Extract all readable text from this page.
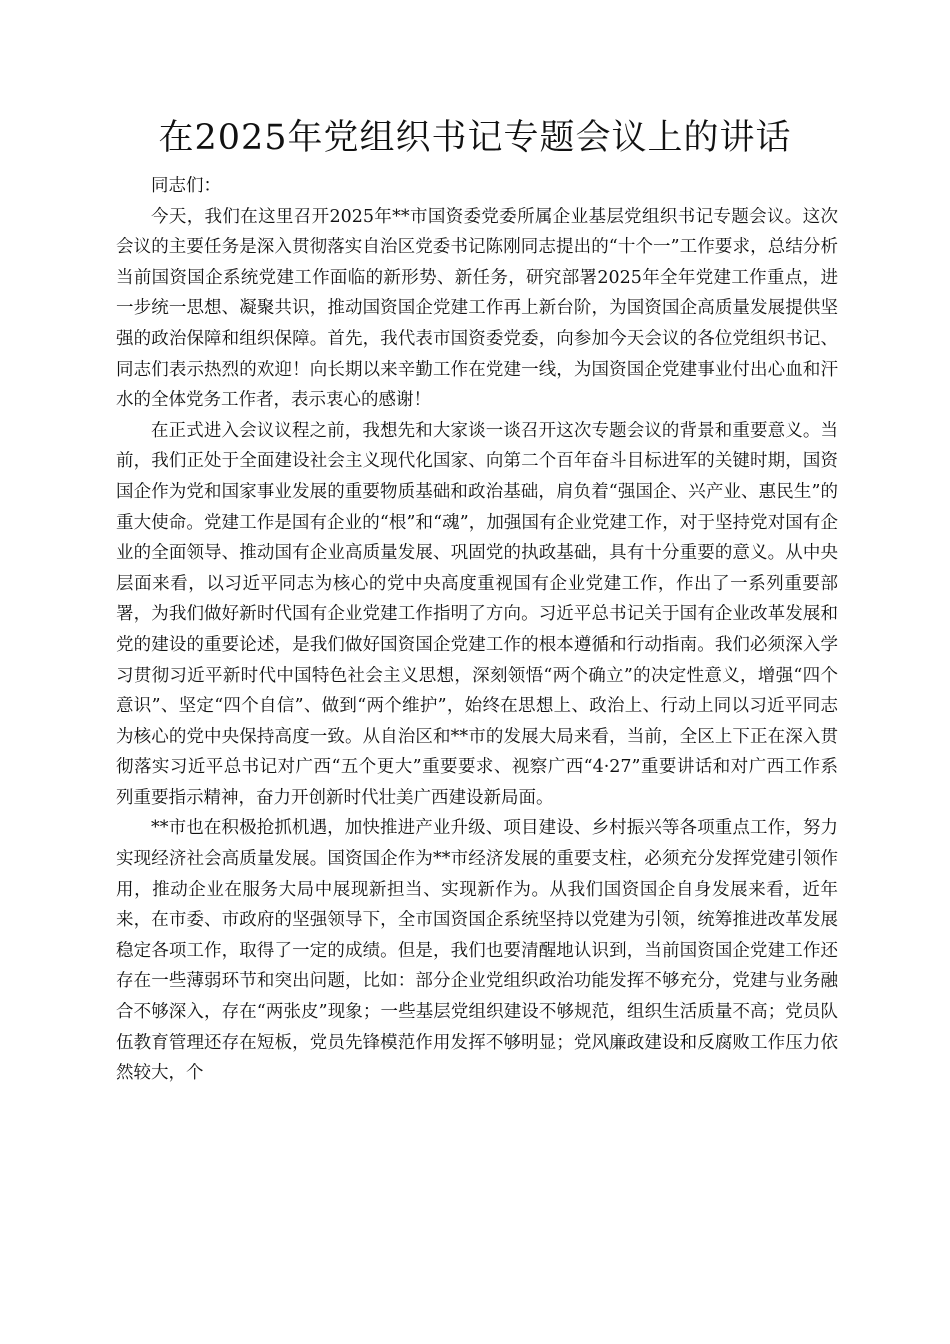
在2025年党组织书记专题会议上的讲话

同志们：

今天，我们在这里召开2025年**市国资委党委所属企业基层党组织书记专题会议。这次会议的主要任务是深入贯彻落实自治区党委书记陈刚同志提出的“十个一”工作要求，总结分析当前国资国企系统党建工作面临的新形势、新任务，研究部署2025年全年党建工作重点，进一步统一思想、凝聚共识，推动国资国企党建工作再上新台阶，为国资国企高质量发展提供坚强的政治保障和组织保障。首先，我代表市国资委党委，向参加今天会议的各位党组织书记、同志们表示热烈的欢迎！向长期以来辛勤工作在党建一线，为国资国企党建事业付出心血和汗水的全体党务工作者，表示衷心的感谢！

在正式进入会议议程之前，我想先和大家谈一谈召开这次专题会议的背景和重要意义。当前，我们正处于全面建设社会主义现代化国家、向第二个百年奋斗目标进军的关键时期，国资国企作为党和国家事业发展的重要物质基础和政治基础，肩负着“强国企、兴产业、惠民生”的重大使命。党建工作是国有企业的“根”和“魂”，加强国有企业党建工作，对于坚持党对国有企业的全面领导、推动国有企业高质量发展、巩固党的执政基础，具有十分重要的意义。从中央层面来看，以习近平同志为核心的党中央高度重视国有企业党建工作，作出了一系列重要部署，为我们做好新时代国有企业党建工作指明了方向。习近平总书记关于国有企业改革发展和党的建设的重要论述，是我们做好国资国企党建工作的根本遵循和行动指南。我们必须深入学习贯彻习近平新时代中国特色社会主义思想，深刻领悟“两个确立”的决定性意义，增强“四个意识”、坚定“四个自信”、做到“两个维护”，始终在思想上、政治上、行动上同以习近平同志为核心的党中央保持高度一致。从自治区和**市的发展大局来看，当前，全区上下正在深入贯彻落实习近平总书记对广西“五个更大”重要要求、视察广西“4·27”重要讲话和对广西工作系列重要指示精神，奋力开创新时代壮美广西建设新局面。

**市也在积极抢抓机遇，加快推进产业升级、项目建设、乡村振兴等各项重点工作，努力实现经济社会高质量发展。国资国企作为**市经济发展的重要支柱，必须充分发挥党建引领作用，推动企业在服务大局中展现新担当、实现新作为。从我们国资国企自身发展来看，近年来，在市委、市政府的坚强领导下，全市国资国企系统坚持以党建为引领，统筹推进改革发展稳定各项工作，取得了一定的成绩。但是，我们也要清醒地认识到，当前国资国企党建工作还存在一些薄弱环节和突出问题，比如：部分企业党组织政治功能发挥不够充分，党建与业务融合不够深入，存在“两张皮”现象；一些基层党组织建设不够规范，组织生活质量不高；党员队伍教育管理还存在短板，党员先锋模范作用发挥不够明显；党风廉政建设和反腐败工作压力依然较大，个
